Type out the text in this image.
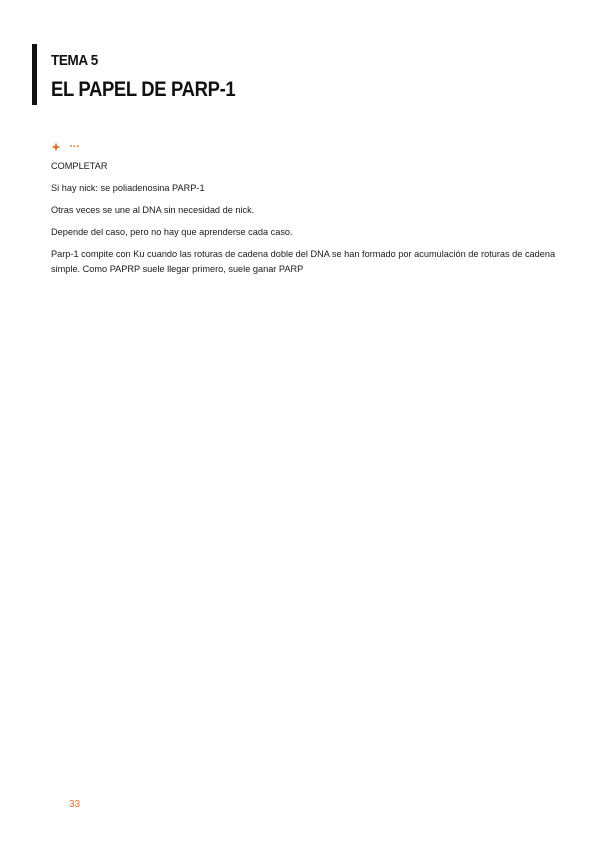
TEMA 5
EL PAPEL DE PARP-1
…
COMPLETAR
Si hay nick: se poliadenosina PARP-1
Otras veces se une al DNA sin necesidad de nick.
Depende del caso, pero no hay que aprenderse cada caso.
Parp-1 compite con Ku cuando las roturas de cadena doble del DNA se han formado por acumulación de roturas de cadena simple. Como PAPRP suele llegar primero, suele ganar PARP
33
